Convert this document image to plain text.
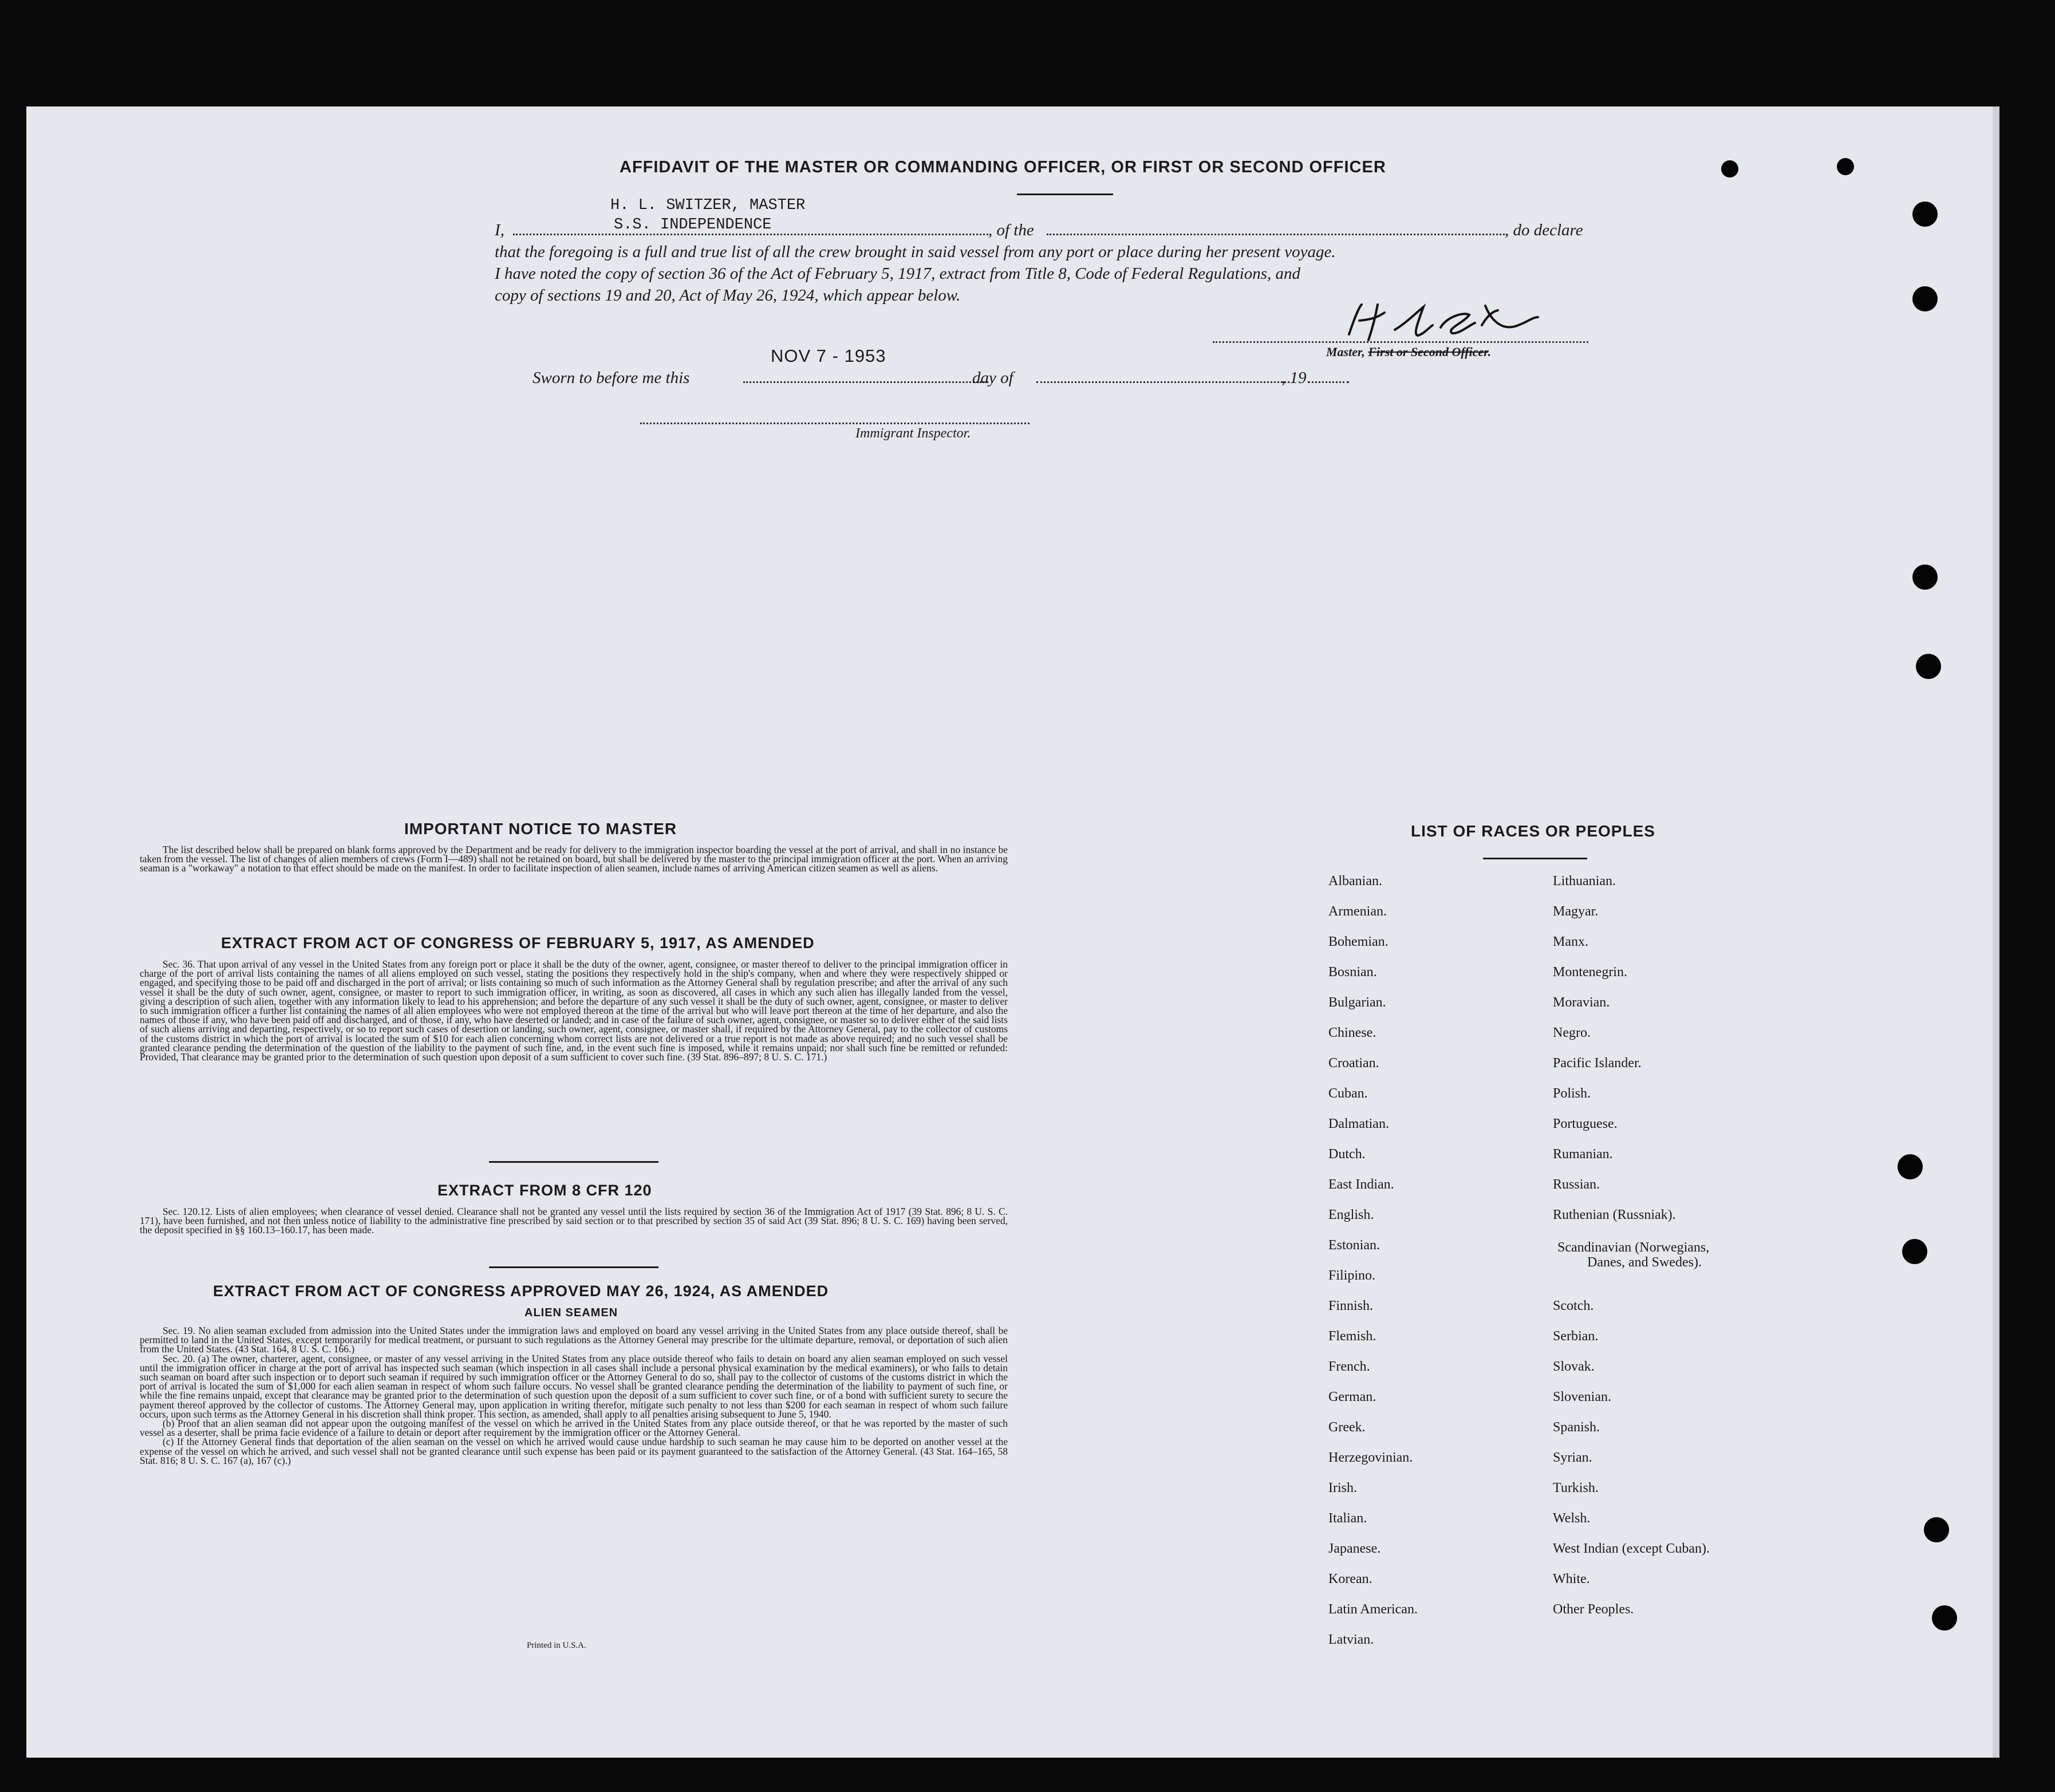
AFFIDAVIT OF THE MASTER OR COMMANDING OFFICER, OR FIRST OR SECOND OFFICER
H. L. SWITZER, MASTER
S.S. INDEPENDENCE
I,	, of the	, do declare
that the foregoing is a full and true list of all the crew brought in said vessel from any port or place during her present voyage.
I have noted the copy of section 36 of the Act of February 5, 1917, extract from Title 8, Code of Federal Regulations, and
copy of sections 19 and 20, Act of May 26, 1924, which appear below.
Master, First or Second Officer.
NOV 7 - 1953
Sworn to before me this	day of	, 19
Immigrant Inspector.
IMPORTANT NOTICE TO MASTER

The list described below shall be prepared on blank forms approved by the Department and be ready for delivery to the immigration inspector boarding the vessel at the port of arrival, and shall in no instance be taken from the vessel. The list of changes of alien members of crews (Form I—489) shall not be retained on board, but shall be delivered by the master to the principal immigration officer at the port. When an arriving seaman is a "workaway" a notation to that effect should be made on the manifest. In order to facilitate inspection of alien seamen, include names of arriving American citizen seamen as well as aliens.

EXTRACT FROM ACT OF CONGRESS OF FEBRUARY 5, 1917, AS AMENDED

Sec. 36. That upon arrival of any vessel in the United States from any foreign port or place it shall be the duty of the owner, agent, consignee, or master thereof to deliver to the principal immigration officer in charge of the port of arrival lists containing the names of all aliens employed on such vessel, stating the positions they respectively hold in the ship's company, when and where they were respectively shipped or engaged, and specifying those to be paid off and discharged in the port of arrival; or lists containing so much of such information as the Attorney General shall by regulation prescribe; and after the arrival of any such vessel it shall be the duty of such owner, agent, consignee, or master to report to such immigration officer, in writing, as soon as discovered, all cases in which any such alien has illegally landed from the vessel, giving a description of such alien, together with any information likely to lead to his apprehension; and before the departure of any such vessel it shall be the duty of such owner, agent, consignee, or master to deliver to such immigration officer a further list containing the names of all alien employees who were not employed thereon at the time of the arrival but who will leave port thereon at the time of her departure, and also the names of those if any, who have been paid off and discharged, and of those, if any, who have deserted or landed; and in case of the failure of such owner, agent, consignee, or master so to deliver either of the said lists of such aliens arriving and departing, respectively, or so to report such cases of desertion or landing, such owner, agent, consignee, or master shall, if required by the Attorney General, pay to the collector of customs of the customs district in which the port of arrival is located the sum of $10 for each alien concerning whom correct lists are not delivered or a true report is not made as above required; and no such vessel shall be granted clearance pending the determination of the question of the liability to the payment of such fine, and, in the event such fine is imposed, while it remains unpaid; nor shall such fine be remitted or refunded: Provided, That clearance may be granted prior to the determination of such question upon deposit of a sum sufficient to cover such fine. (39 Stat. 896–897; 8 U. S. C. 171.)

EXTRACT FROM 8 CFR 120

Sec. 120.12. Lists of alien employees; when clearance of vessel denied. Clearance shall not be granted any vessel until the lists required by section 36 of the Immigration Act of 1917 (39 Stat. 896; 8 U. S. C. 171), have been furnished, and not then unless notice of liability to the administrative fine prescribed by said section or to that prescribed by section 35 of said Act (39 Stat. 896; 8 U. S. C. 169) having been served, the deposit specified in §§ 160.13–160.17, has been made.

EXTRACT FROM ACT OF CONGRESS APPROVED MAY 26, 1924, AS AMENDED
ALIEN SEAMEN

Sec. 19. No alien seaman excluded from admission into the United States under the immigration laws and employed on board any vessel arriving in the United States from any place outside thereof, shall be permitted to land in the United States, except temporarily for medical treatment, or pursuant to such regulations as the Attorney General may prescribe for the ultimate departure, removal, or deportation of such alien from the United States. (43 Stat. 164, 8 U. S. C. 166.)

Sec. 20. (a) The owner, charterer, agent, consignee, or master of any vessel arriving in the United States from any place outside thereof who fails to detain on board any alien seaman employed on such vessel until the immigration officer in charge at the port of arrival has inspected such seaman (which inspection in all cases shall include a personal physical examination by the medical examiners), or who fails to detain such seaman on board after such inspection or to deport such seaman if required by such immigration officer or the Attorney General to do so, shall pay to the collector of customs of the customs district in which the port of arrival is located the sum of $1,000 for each alien seaman in respect of whom such failure occurs. No vessel shall be granted clearance pending the determination of the liability to payment of such fine, or while the fine remains unpaid, except that clearance may be granted prior to the determination of such question upon the deposit of a sum sufficient to cover such fine, or of a bond with sufficient surety to secure the payment thereof approved by the collector of customs. The Attorney General may, upon application in writing therefor, mitigate such penalty to not less than $200 for each seaman in respect of whom such failure occurs, upon such terms as the Attorney General in his discretion shall think proper. This section, as amended, shall apply to all penalties arising subsequent to June 5, 1940.

(b) Proof that an alien seaman did not appear upon the outgoing manifest of the vessel on which he arrived in the United States from any place outside thereof, or that he was reported by the master of such vessel as a deserter, shall be prima facie evidence of a failure to detain or deport after requirement by the immigration officer or the Attorney General.

(c) If the Attorney General finds that deportation of the alien seaman on the vessel on which he arrived would cause undue hardship to such seaman he may cause him to be deported on another vessel at the expense of the vessel on which he arrived, and such vessel shall not be granted clearance until such expense has been paid or its payment guaranteed to the satisfaction of the Attorney General. (43 Stat. 164–165, 58 Stat. 816; 8 U. S. C. 167 (a), 167 (c).)

Printed in U.S.A.
LIST OF RACES OR PEOPLES
Albanian.
Armenian.
Bohemian.
Bosnian.
Bulgarian.
Chinese.
Croatian.
Cuban.
Dalmatian.
Dutch.
East Indian.
English.
Estonian.
Filipino.
Finnish.
Flemish.
French.
German.
Greek.
Herzegovinian.
Irish.
Italian.
Japanese.
Korean.
Latin American.
Latvian.
Lithuanian.
Magyar.
Manx.
Montenegrin.
Moravian.
Negro.
Pacific Islander.
Polish.
Portuguese.
Rumanian.
Russian.
Ruthenian (Russniak).
Scandinavian (Norwegians,
Danes, and Swedes).
Scotch.
Serbian.
Slovak.
Slovenian.
Spanish.
Syrian.
Turkish.
Welsh.
West Indian (except Cuban).
White.
Other Peoples.
